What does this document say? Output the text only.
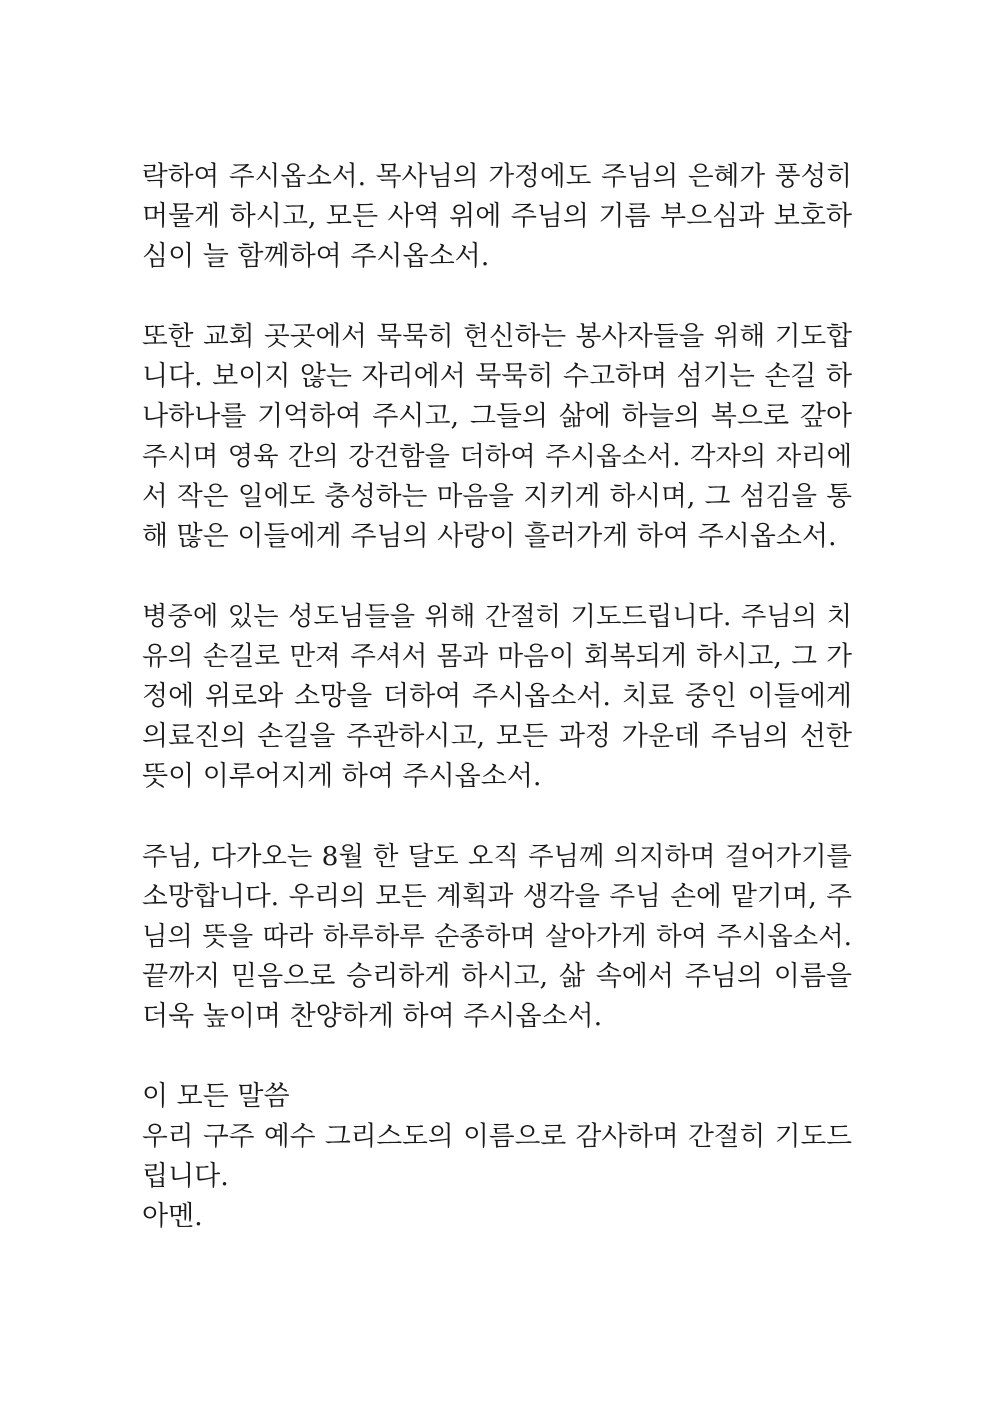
락하여 주시옵소서. 목사님의 가정에도 주님의 은혜가 풍성히
머물게 하시고, 모든 사역 위에 주님의 기름 부으심과 보호하
심이 늘 함께하여 주시옵소서.
또한 교회 곳곳에서 묵묵히 헌신하는 봉사자들을 위해 기도합
니다. 보이지 않는 자리에서 묵묵히 수고하며 섬기는 손길 하
나하나를 기억하여 주시고, 그들의 삶에 하늘의 복으로 갚아
주시며 영육 간의 강건함을 더하여 주시옵소서. 각자의 자리에
서 작은 일에도 충성하는 마음을 지키게 하시며, 그 섬김을 통
해 많은 이들에게 주님의 사랑이 흘러가게 하여 주시옵소서.
병중에 있는 성도님들을 위해 간절히 기도드립니다. 주님의 치
유의 손길로 만져 주셔서 몸과 마음이 회복되게 하시고, 그 가
정에 위로와 소망을 더하여 주시옵소서. 치료 중인 이들에게
의료진의 손길을 주관하시고, 모든 과정 가운데 주님의 선한
뜻이 이루어지게 하여 주시옵소서.
주님, 다가오는 8월 한 달도 오직 주님께 의지하며 걸어가기를
소망합니다. 우리의 모든 계획과 생각을 주님 손에 맡기며, 주
님의 뜻을 따라 하루하루 순종하며 살아가게 하여 주시옵소서.
끝까지 믿음으로 승리하게 하시고, 삶 속에서 주님의 이름을
더욱 높이며 찬양하게 하여 주시옵소서.
이 모든 말씀
우리 구주 예수 그리스도의 이름으로 감사하며 간절히 기도드
립니다.
아멘.
